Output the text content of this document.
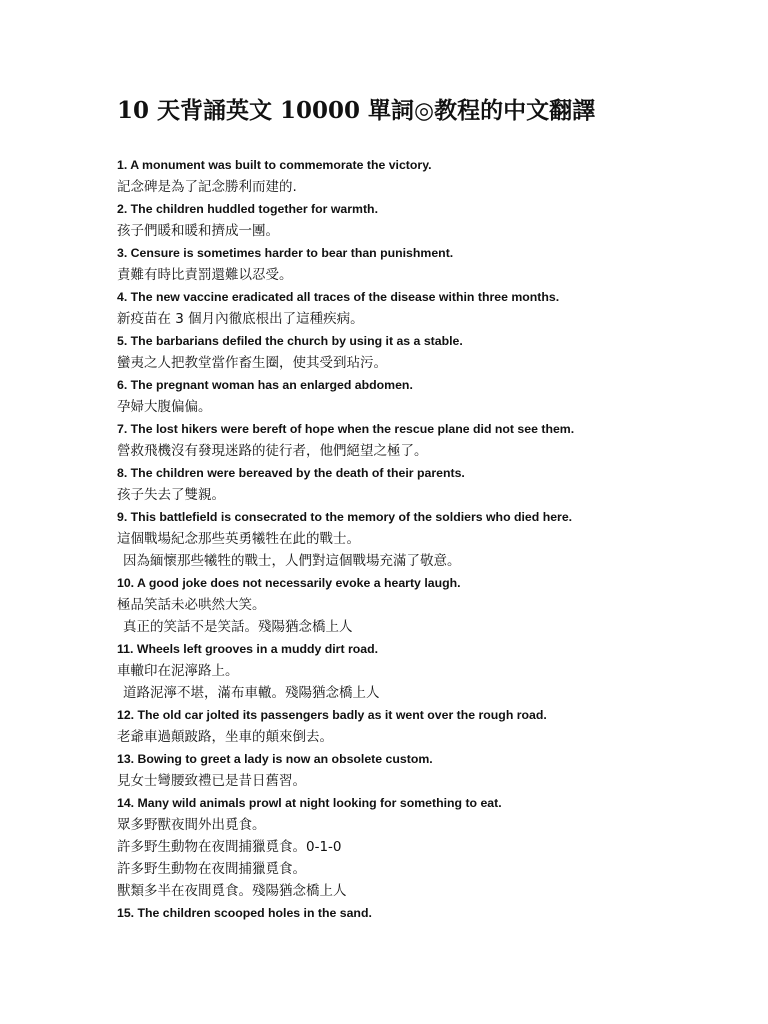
10 天背誦英文 10000 單詞◎教程的中文翻譯
1. A monument was built to commemorate the victory.
記念碑是為了記念勝利而建的.
2. The children huddled together for warmth.
孩子們暖和暖和擠成一團。
3. Censure is sometimes harder to bear than punishment.
責難有時比責罰還難以忍受。
4. The new vaccine eradicated all traces of the disease within three months.
新疫苗在 3 個月內徹底根出了這種疾病。
5. The barbarians defiled the church by using it as a stable.
蠻夷之人把教堂當作畜生圈，使其受到玷污。
6. The pregnant woman has an enlarged abdomen.
孕婦大腹偏偏。
7. The lost hikers were bereft of hope when the rescue plane did not see them.
營救飛機沒有發現迷路的徒行者，他們絕望之極了。
8. The children were bereaved by the death of their parents.
孩子失去了雙親。
9. This battlefield is consecrated to the memory of the soldiers who died here.
這個戰場紀念那些英勇犧牲在此的戰士。
因為緬懷那些犧牲的戰士，人們對這個戰場充滿了敬意。
10. A good joke does not necessarily evoke a hearty laugh.
極品笑話未必哄然大笑。
真正的笑話不是笑話。殘陽猶念橋上人
11. Wheels left grooves in a muddy dirt road.
車轍印在泥濘路上。
道路泥濘不堪，滿布車轍。殘陽猶念橋上人
12. The old car jolted its passengers badly as it went over the rough road.
老爺車過顛跛路，坐車的顛來倒去。
13. Bowing to greet a lady is now an obsolete custom.
見女士彎腰致禮已是昔日舊習。
14. Many wild animals prowl at night looking for something to eat.
眾多野獸夜間外出覓食。
許多野生動物在夜間捕獵覓食。0-1-0
許多野生動物在夜間捕獵覓食。
獸類多半在夜間覓食。殘陽猶念橋上人
15. The children scooped holes in the sand.
